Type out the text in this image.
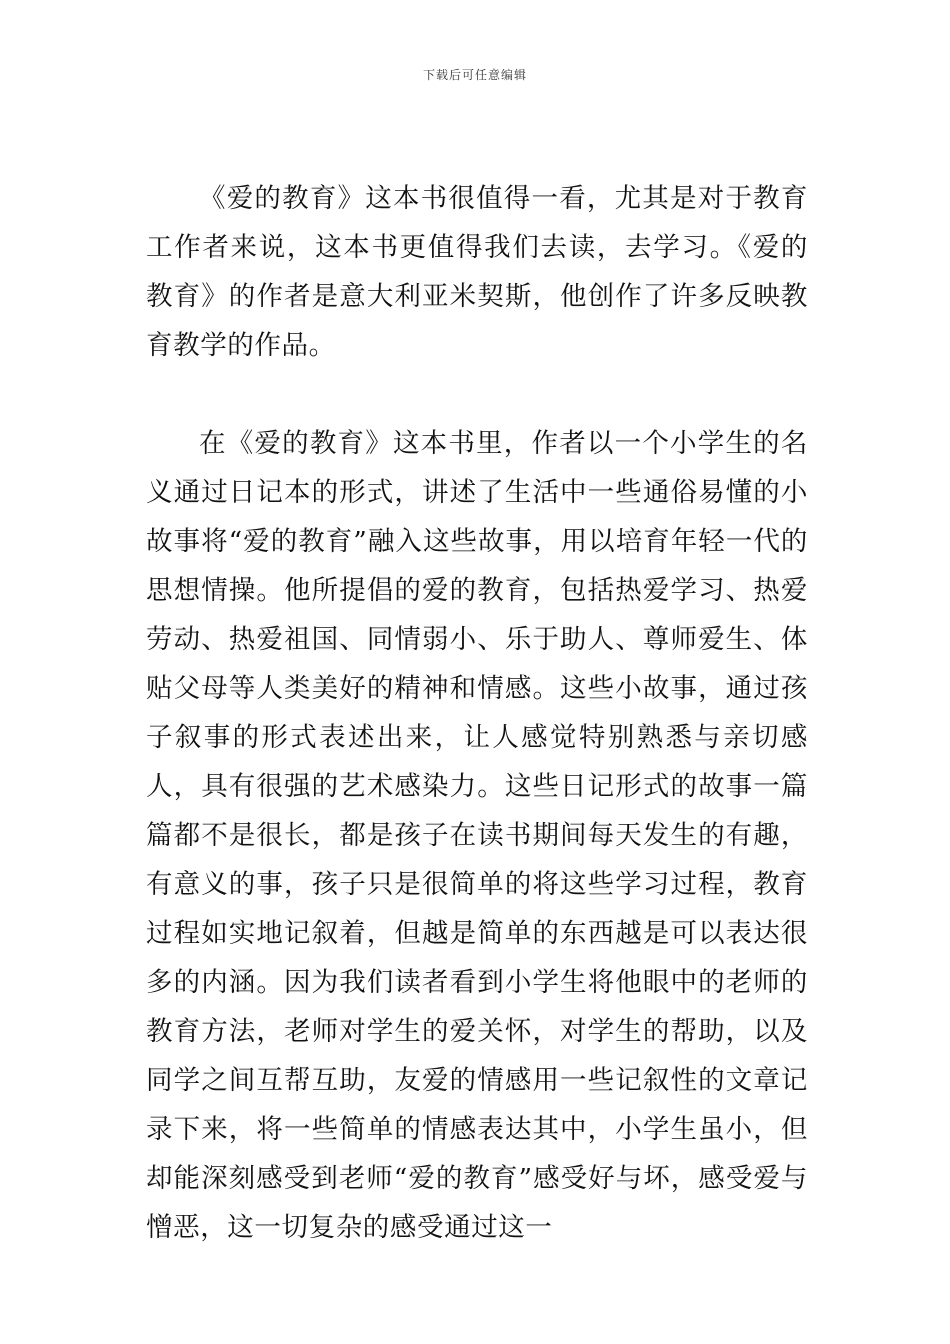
下载后可任意编辑

《爱的教育》这本书很值得一看，尤其是对于教育工作者来说，这本书更值得我们去读，去学习。《爱的教育》的作者是意大利亚米契斯，他创作了许多反映教育教学的作品。

在《爱的教育》这本书里，作者以一个小学生的名义通过日记本的形式，讲述了生活中一些通俗易懂的小故事将“爱的教育”融入这些故事，用以培育年轻一代的思想情操。他所提倡的爱的教育，包括热爱学习、热爱劳动、热爱祖国、同情弱小、乐于助人、尊师爱生、体贴父母等人类美好的精神和情感。这些小故事，通过孩子叙事的形式表述出来，让人感觉特别熟悉与亲切感人，具有很强的艺术感染力。这些日记形式的故事一篇篇都不是很长，都是孩子在读书期间每天发生的有趣，有意义的事，孩子只是很简单的将这些学习过程，教育过程如实地记叙着，但越是简单的东西越是可以表达很多的内涵。因为我们读者看到小学生将他眼中的老师的教育方法，老师对学生的爱关怀，对学生的帮助，以及同学之间互帮互助，友爱的情感用一些记叙性的文章记录下来，将一些简单的情感表达其中，小学生虽小，但却能深刻感受到老师“爱的教育”感受好与坏，感受爱与憎恶，这一切复杂的感受通过这一
